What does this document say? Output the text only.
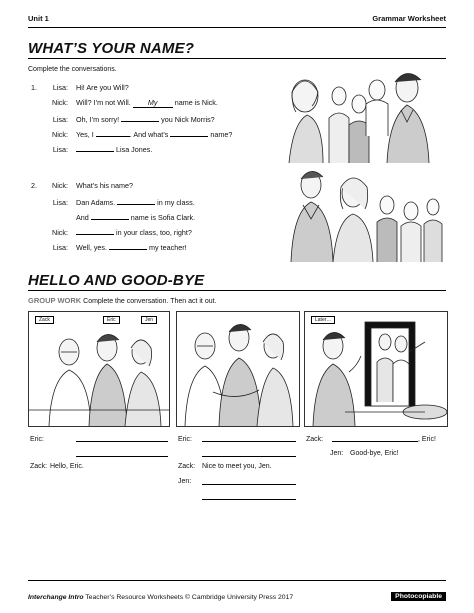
Unit 1	Grammar Worksheet
WHAT’S YOUR NAME?
Complete the conversations.
1.	Lisa: Hi! Are you Will?
Nick: Will? I’m not Will. My name is Nick.
Lisa: Oh, I’m sorry!	you Nick Morris?
Nick: Yes, I	. And what’s	name?
Lisa:	Lisa Jones.
2.	Nick: What’s his name?
Lisa: Dan Adams.	in my class.
And	name is Sofia Clark.
Nick:	in your class, too, right?
Lisa: Well, yes.	my teacher!
HELLO AND GOOD-BYE
GROUP WORK Complete the conversation. Then act it out.
Zack	Eric	Jen	Later…
Eric:
Zack: Hello, Eric.
Eric:
Zack: Nice to meet you, Jen.
Jen:
Zack:	, Eric!
Jen: Good-bye, Eric!
Interchange Intro Teacher’s Resource Worksheets © Cambridge University Press 2017	Photocopiable
